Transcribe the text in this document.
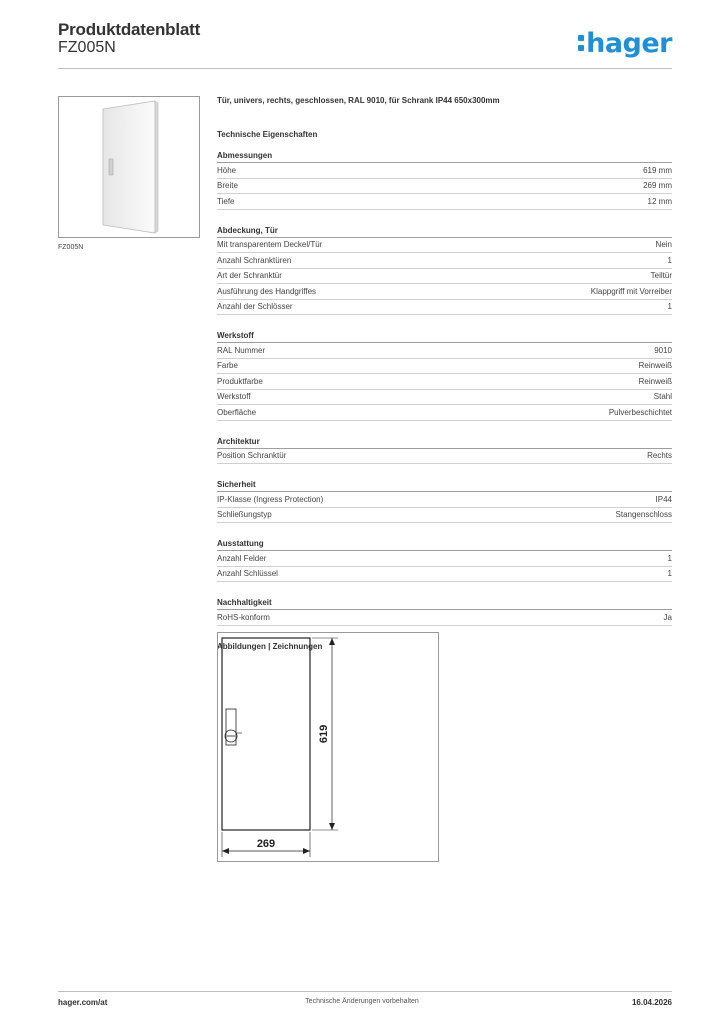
Produktdatenblatt
FZ005N	hager
FZ005N
Tür, univers, rechts, geschlossen, RAL 9010, für Schrank IP44 650x300mm
Technische Eigenschaften
Abmessungen
Höhe	619 mm
Breite	269 mm
Tiefe	12 mm
Abdeckung, Tür
Mit transparentem Deckel/Tür	Nein
Anzahl Schranktüren	1
Art der Schranktür	Teiltür
Ausführung des Handgriffes	Klappgriff mit Vorreiber
Anzahl der Schlösser	1
Werkstoff
RAL Nummer	9010
Farbe	Reinweiß
Produktfarbe	Reinweiß
Werkstoff	Stahl
Oberfläche	Pulverbeschichtet
Architektur
Position Schranktür	Rechts
Sicherheit
IP-Klasse (Ingress Protection)	IP44
Schließungstyp	Stangenschloss
Ausstattung
Anzahl Felder	1
Anzahl Schlüssel	1
Nachhaltigkeit
RoHS-konform	Ja
Abbildungen | Zeichnungen
269
619
hager.com/at	Technische Änderungen vorbehalten	16.04.2026
